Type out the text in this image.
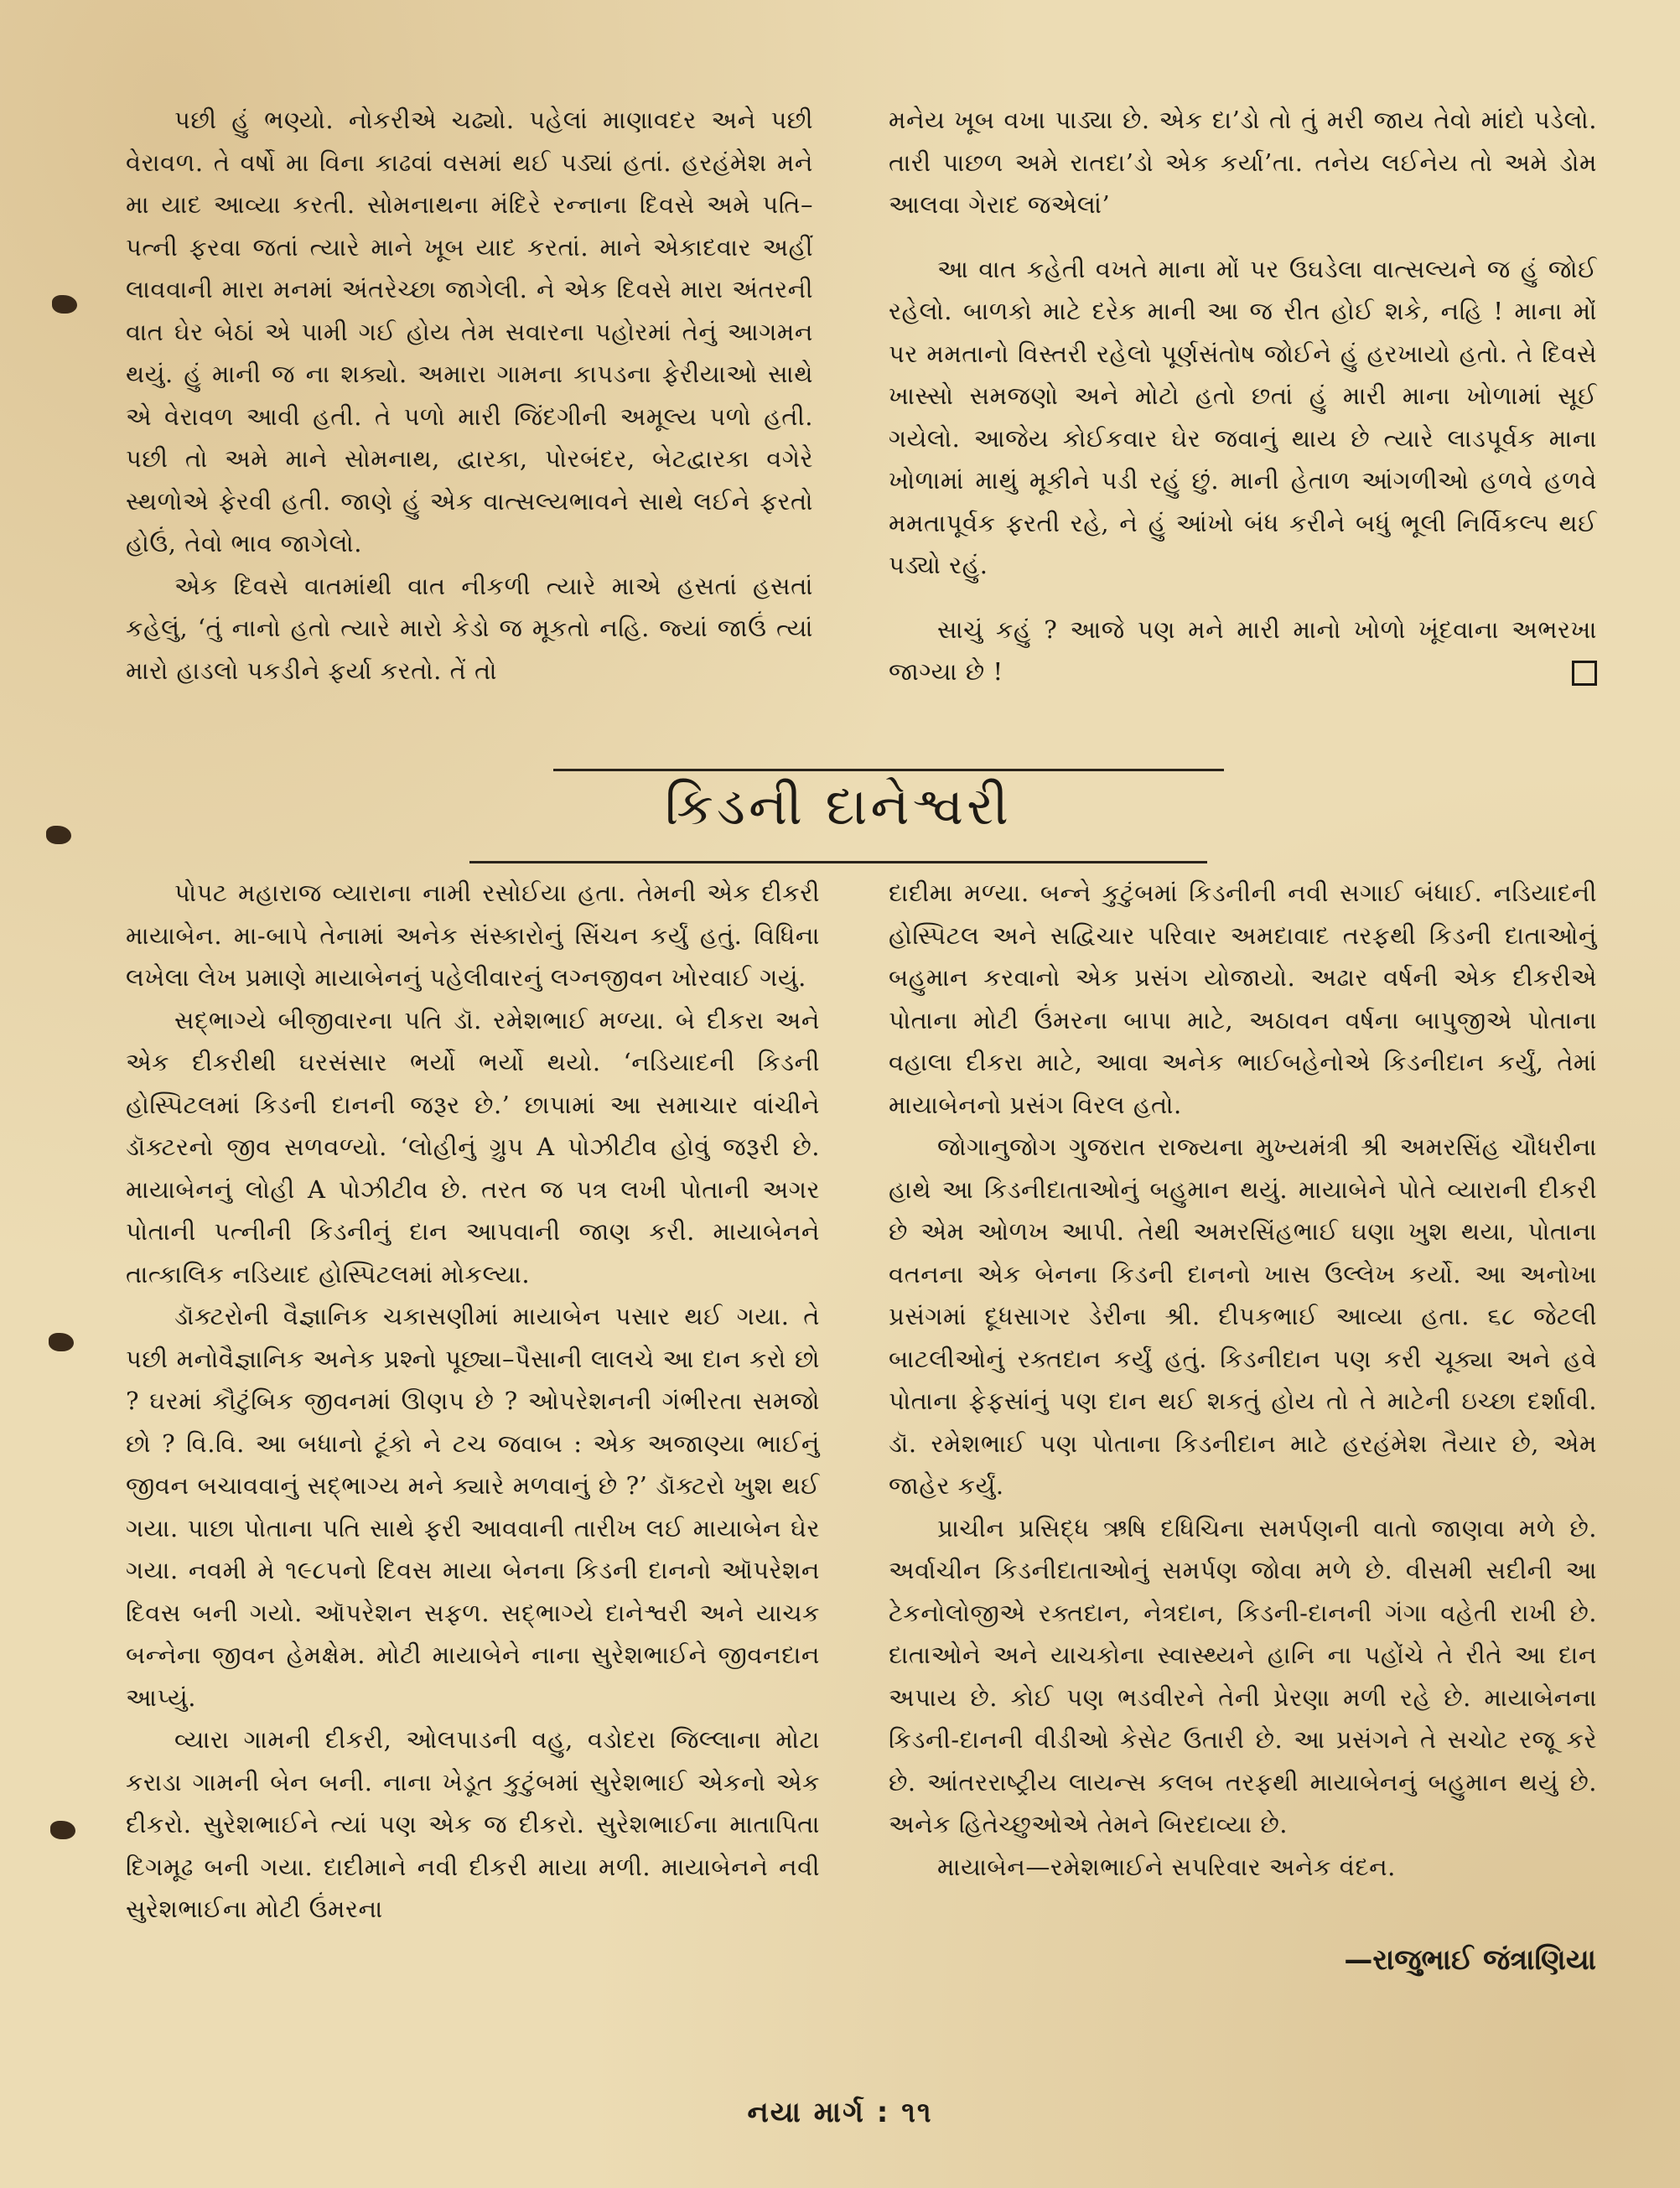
પછી હું ભણ્યો. નોકરીએ ચઢ્યો. પહેલાં માણાવદર અને પછી વેરાવળ. તે વર્ષો મા વિના કાઢવાં વસમાં થઈ પડ્યાં હતાં. હરહંમેશ મને મા યાદ આવ્યા કરતી. સોમનાથના મંદિરે રન્નાના દિવસે અમે પતિ–પત્ની ફરવા જતાં ત્યારે માને ખૂબ યાદ કરતાં. માને એકાદવાર અહીં લાવવાની મારા મનમાં અંતરેચ્છા જાગેલી. ને એક દિવસે મારા અંતરની વાત ઘેર બેઠાં એ પામી ગઈ હોય તેમ સવારના પહોરમાં તેનું આગમન થયું. હું માની જ ના શક્યો. અમારા ગામના કાપડના ફેરીયાઓ સાથે એ વેરાવળ આવી હતી. તે પળો મારી જિંદગીની અમૂલ્ય પળો હતી. પછી તો અમે માને સોમનાથ, દ્વારકા, પોરબંદર, બેટદ્વારકા વગેરે સ્થળોએ ફેરવી હતી. જાણે હું એક વાત્સલ્યભાવને સાથે લઈને ફરતો હોઉં, તેવો ભાવ જાગેલો.

એક દિવસે વાતમાંથી વાત નીકળી ત્યારે માએ હસતાં હસતાં કહેલું, ‘તું નાનો હતો ત્યારે મારો કેડો જ મૂકતો નહિ. જ્યાં જાઉં ત્યાં મારો હાડલો પકડીને ફર્યા કરતો. તેં તો

મનેય ખૂબ વખા પાડ્યા છે. એક દા’ડો તો તું મરી જાય તેવો માંદો પડેલો. તારી પાછળ અમે રાતદા’ડો એક કર્યા’તા. તનેય લઈનેય તો અમે ડોમ આલવા ગેરાદ જએલાં’

આ વાત કહેતી વખતે માના મોં પર ઉઘડેલા વાત્સલ્યને જ હું જોઈ રહેલો. બાળકો માટે દરેક માની આ જ રીત હોઈ શકે, નહિ ! માના મોં પર મમતાનો વિસ્તરી રહેલો પૂર્ણસંતોષ જોઈને હું હરખાયો હતો. તે દિવસે ખાસ્સો સમજણો અને મોટો હતો છતાં હું મારી માના ખોળામાં સૂઈ ગયેલો. આજેય કોઈકવાર ઘેર જવાનું થાય છે ત્યારે લાડપૂર્વક માના ખોળામાં માથું મૂકીને પડી રહું છું. માની હેતાળ આંગળીઓ હળવે હળવે મમતાપૂર્વક ફરતી રહે, ને હું આંખો બંધ કરીને બધું ભૂલી નિર્વિકલ્પ થઈ પડ્યો રહું.

સાચું કહું ? આજે પણ મને મારી માનો ખોળો ખૂંદવાના અભરખા જાગ્યા છે !

કિડની દાનેશ્વરી

પોપટ મહારાજ વ્યારાના નામી રસોઈયા હતા. તેમની એક દીકરી માયાબેન. મા-બાપે તેનામાં અનેક સંસ્કારોનું સિંચન કર્યું હતું. વિધિના લખેલા લેખ પ્રમાણે માયાબેનનું પહેલીવારનું લગ્નજીવન ખોરવાઈ ગયું.

સદ્ભાગ્યે બીજીવારના પતિ ડૉ. રમેશભાઈ મળ્યા. બે દીકરા અને એક દીકરીથી ઘરસંસાર ભર્યો ભર્યો થયો. ‘નડિયાદની કિડની હોસ્પિટલમાં કિડની દાનની જરૂર છે.’ છાપામાં આ સમાચાર વાંચીને ડૉક્ટરનો જીવ સળવળ્યો. ‘લોહીનું ગ્રુપ A પોઝીટીવ હોવું જરૂરી છે. માયાબેનનું લોહી A પોઝીટીવ છે. તરત જ પત્ર લખી પોતાની અગર પોતાની પત્નીની કિડનીનું દાન આપવાની જાણ કરી. માયાબેનને તાત્કાલિક નડિયાદ હોસ્પિટલમાં મોકલ્યા.

ડૉક્ટરોની વૈજ્ઞાનિક ચકાસણીમાં માયાબેન પસાર થઈ ગયા. તે પછી મનોવૈજ્ઞાનિક અનેક પ્રશ્નો પૂછ્યા–પૈસાની લાલચે આ દાન કરો છો ? ઘરમાં કૌટુંબિક જીવનમાં ઊણપ છે ? ઓપરેશનની ગંભીરતા સમજો છો ? વિ.વિ. આ બધાનો ટૂંકો ને ટચ જવાબ : એક અજાણ્યા ભાઈનું જીવન બચાવવાનું સદ્ભાગ્ય મને ક્યારે મળવાનું છે ?’ ડૉક્ટરો ખુશ થઈ ગયા. પાછા પોતાના પતિ સાથે ફરી આવવાની તારીખ લઈ માયાબેન ઘેર ગયા. નવમી મે ૧૯૮૫નો દિવસ માયા બેનના કિડની દાનનો ઑપરેશન દિવસ બની ગયો. ઑપરેશન સફળ. સદ્ભાગ્યે દાનેશ્વરી અને યાચક બન્નેના જીવન હેમક્ષેમ. મોટી માયાબેને નાના સુરેશભાઈને જીવનદાન આપ્યું.

વ્યારા ગામની દીકરી, ઓલપાડની વહુ, વડોદરા જિલ્લાના મોટા કરાડા ગામની બેન બની. નાના ખેડૂત કુટુંબમાં સુરેશભાઈ એકનો એક દીકરો. સુરેશભાઈને ત્યાં પણ એક જ દીકરો. સુરેશભાઈના માતાપિતા દિગમૂઢ બની ગયા. દાદીમાને નવી દીકરી માયા મળી. માયાબેનને નવી સુરેશભાઈના મોટી ઉંમરના

દાદીમા મળ્યા. બન્ને કુટુંબમાં કિડનીની નવી સગાઈ બંધાઈ. નડિયાદની હોસ્પિટલ અને સદ્વિચાર પરિવાર અમદાવાદ તરફથી કિડની દાતાઓનું બહુમાન કરવાનો એક પ્રસંગ યોજાયો. અઢાર વર્ષની એક દીકરીએ પોતાના મોટી ઉંમરના બાપા માટે, અઠાવન વર્ષના બાપુજીએ પોતાના વહાલા દીકરા માટે, આવા અનેક ભાઈબહેનોએ કિડનીદાન કર્યું, તેમાં માયાબેનનો પ્રસંગ વિરલ હતો.

જોગાનુજોગ ગુજરાત રાજ્યના મુખ્યમંત્રી શ્રી અમરસિંહ ચૌધરીના હાથે આ કિડનીદાતાઓનું બહુમાન થયું. માયાબેને પોતે વ્યારાની દીકરી છે એમ ઓળખ આપી. તેથી અમરસિંહભાઈ ઘણા ખુશ થયા, પોતાના વતનના એક બેનના કિડની દાનનો ખાસ ઉલ્લેખ કર્યો. આ અનોખા પ્રસંગમાં દૂધસાગર ડેરીના શ્રી. દીપકભાઈ આવ્યા હતા. ૬૮ જેટલી બાટલીઓનું રક્તદાન કર્યું હતું. કિડનીદાન પણ કરી ચૂક્યા અને હવે પોતાના ફેફસાંનું પણ દાન થઈ શકતું હોય તો તે માટેની ઇચ્છા દર્શાવી. ડૉ. રમેશભાઈ પણ પોતાના કિડનીદાન માટે હરહંમેશ તૈયાર છે, એમ જાહેર કર્યું.

પ્રાચીન પ્રસિદ્ધ ઋષિ દધિચિના સમર્પણની વાતો જાણવા મળે છે. અર્વાચીન કિડનીદાતાઓનું સમર્પણ જોવા મળે છે. વીસમી સદીની આ ટેકનોલોજીએ રક્તદાન, નેત્રદાન, કિડની-દાનની ગંગા વહેતી રાખી છે. દાતાઓને અને યાચકોના સ્વાસ્થ્યને હાનિ ના પહોંચે તે રીતે આ દાન અપાય છે. કોઈ પણ ભડવીરને તેની પ્રેરણા મળી રહે છે. માયાબેનના કિડની-દાનની વીડીઓ કેસેટ ઉતારી છે. આ પ્રસંગને તે સચોટ રજૂ કરે છે. આંતરરાષ્ટ્રીય લાયન્સ કલબ તરફથી માયાબેનનું બહુમાન થયું છે. અનેક હિતેચ્છુઓએ તેમને બિરદાવ્યા છે.

માયાબેન—રમેશભાઈને સપરિવાર અનેક વંદન.

—રાજુભાઈ જંત્રાણિયા
નયા માર્ગ : ૧૧
